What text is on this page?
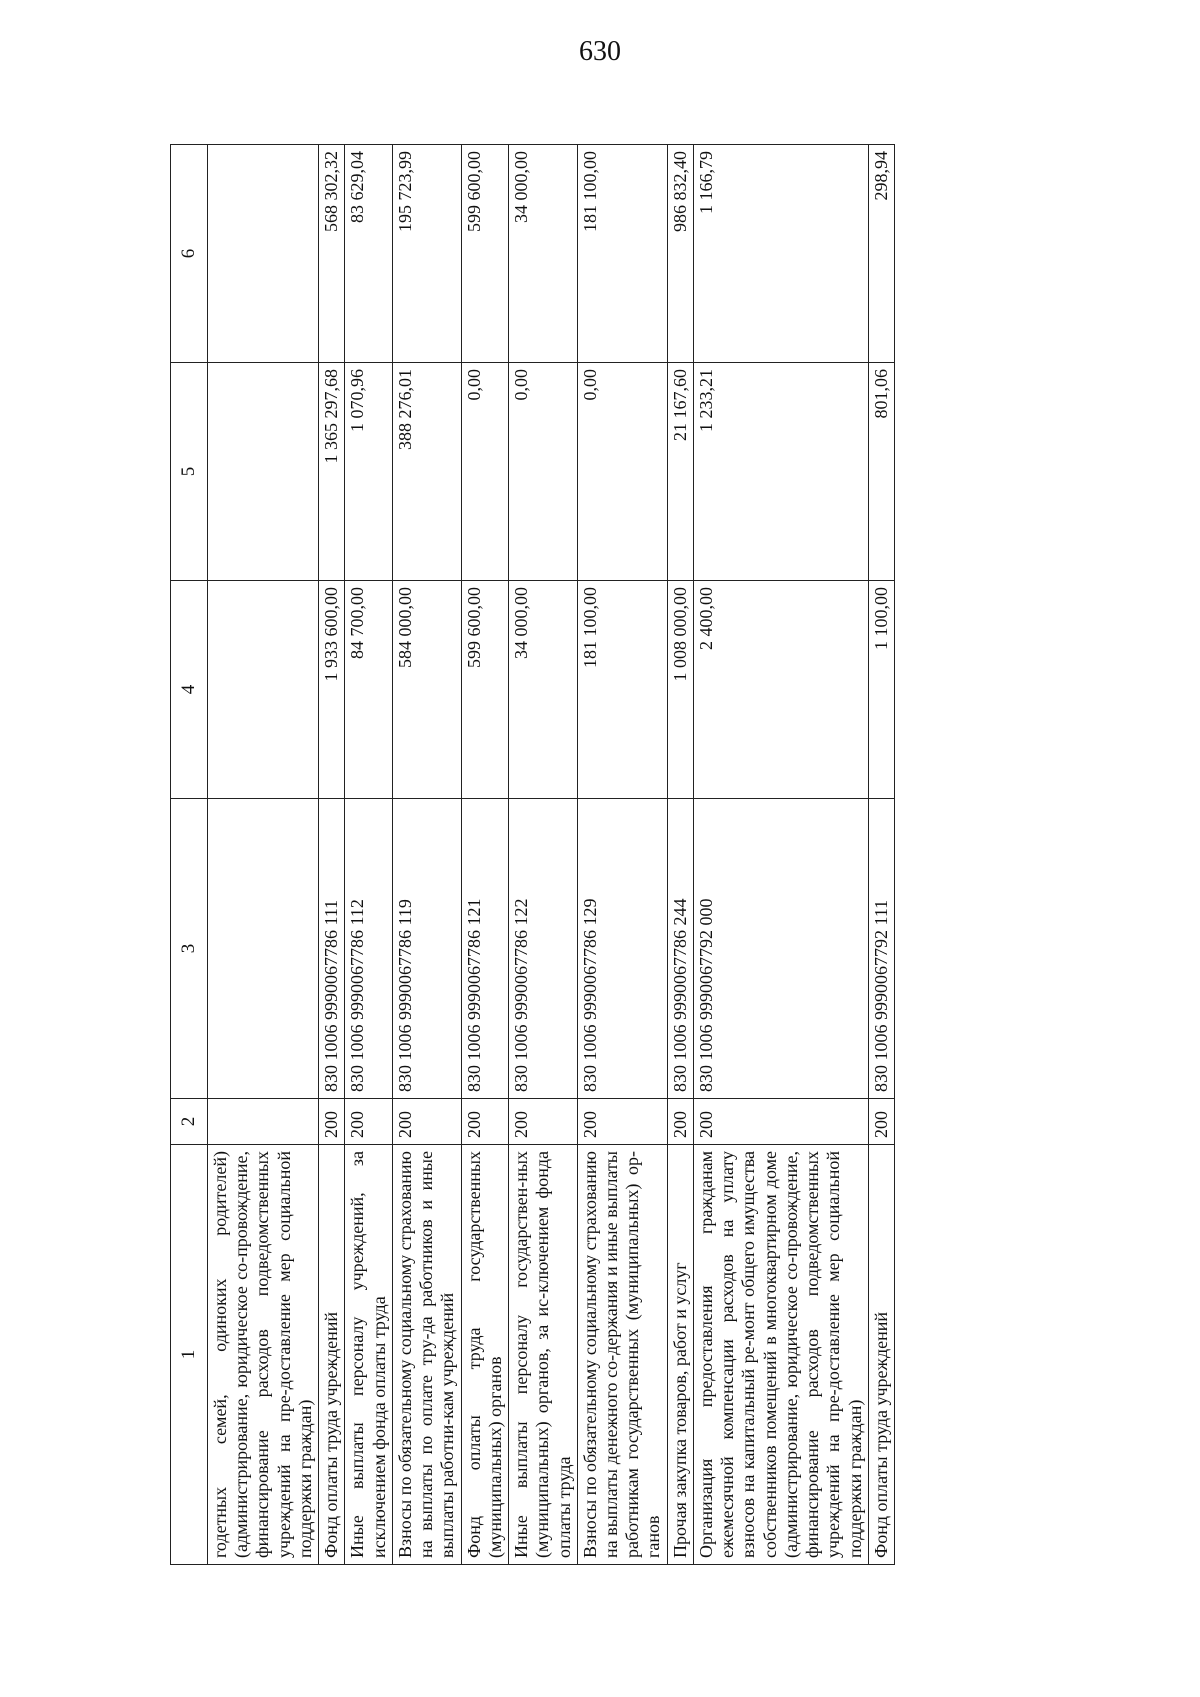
630
1	2	3	4	5	6
годетных семей, одиноких родителей) (администрирование, юридическое со-провождение, финансирование расходов подведомственных учреждений на пре-доставление мер социальной поддержки граждан)					
Фонд оплаты труда учреждений	200	830 1006 9990067786 111	1 933 600,00	1 365 297,68	568 302,32
Иные выплаты персоналу учреждений, за исключением фонда оплаты труда	200	830 1006 9990067786 112	84 700,00	1 070,96	83 629,04
Взносы по обязательному социальному страхованию на выплаты по оплате тру-да работников и иные выплаты работни-кам учреждений	200	830 1006 9990067786 119	584 000,00	388 276,01	195 723,99
Фонд оплаты труда государственных (муниципальных) органов	200	830 1006 9990067786 121	599 600,00	0,00	599 600,00
Иные выплаты персоналу государствен-ных (муниципальных) органов, за ис-ключением фонда оплаты труда	200	830 1006 9990067786 122	34 000,00	0,00	34 000,00
Взносы по обязательному социальному страхованию на выплаты денежного со-держания и иные выплаты работникам государственных (муниципальных) ор-ганов	200	830 1006 9990067786 129	181 100,00	0,00	181 100,00
Прочая закупка товаров, работ и услуг	200	830 1006 9990067786 244	1 008 000,00	21 167,60	986 832,40
Организация предоставления гражданам ежемесячной компенсации расходов на уплату взносов на капитальный ре-монт общего имущества собственников помещений в многоквартирном доме (администрирование, юридическое со-провождение, финансирование расходов подведомственных учреждений на пре-доставление мер социальной поддержки граждан)	200	830 1006 9990067792 000	2 400,00	1 233,21	1 166,79
Фонд оплаты труда учреждений	200	830 1006 9990067792 111	1 100,00	801,06	298,94
